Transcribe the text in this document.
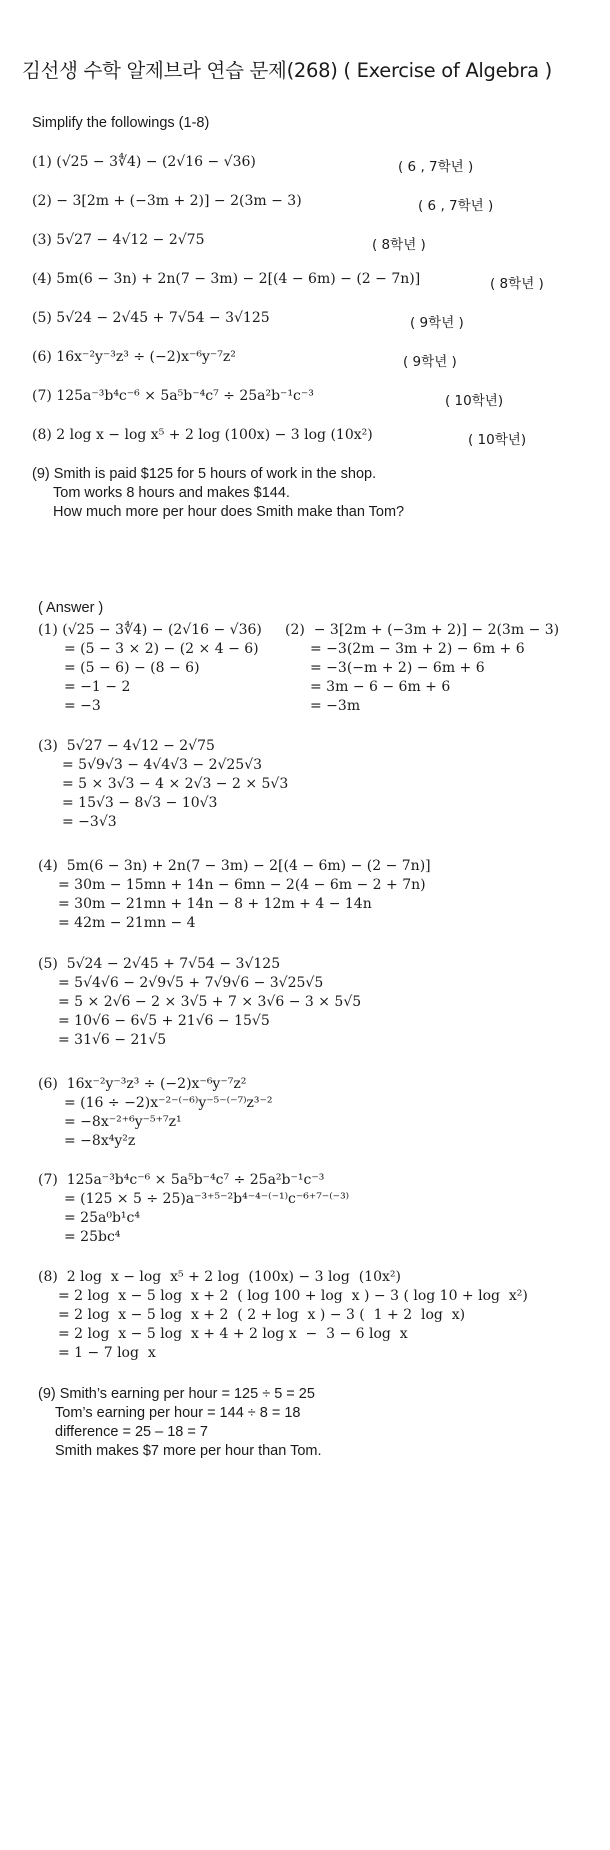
김선생 수학 알제브라 연습 문제(268) ( Exercise of Algebra )
Simplify the followings (1-8)
(1) (√25 − 3∜4) − (2√16 − √36)	( 6 , 7학년 )
(2) − 3[2m + (−3m + 2)] − 2(3m − 3)	( 6 , 7학년 )
(3) 5√27 − 4√12 − 2√75	( 8학년 )
(4) 5m(6 − 3n) + 2n(7 − 3m) − 2[(4 − 6m) − (2 − 7n)]	( 8학년 )
(5) 5√24 − 2√45 + 7√54 − 3√125	( 9학년 )
(6) 16x⁻²y⁻³z³ ÷ (−2)x⁻⁶y⁻⁷z²	( 9학년 )
(7) 125a⁻³b⁴c⁻⁶ × 5a⁵b⁻⁴c⁷ ÷ 25a²b⁻¹c⁻³	( 10학년)
(8) 2 log x − log x⁵ + 2 log (100x) − 3 log (10x²)	( 10학년)
(9) Smith is paid $125 for 5 hours of work in the shop.
Tom works 8 hours and makes $144.
How much more per hour does Smith make than Tom?
( Answer )
(1) (√25 − 3∜4) − (2√16 − √36)
= (5 − 3 × 2) − (2 × 4 − 6)
= (5 − 6) − (8 − 6)
= −1 − 2
= −3
(2)  − 3[2m + (−3m + 2)] − 2(3m − 3)
= −3(2m − 3m + 2) − 6m + 6
= −3(−m + 2) − 6m + 6
= 3m − 6 − 6m + 6
= −3m
(3)  5√27 − 4√12 − 2√75
= 5√9√3 − 4√4√3 − 2√25√3
= 5 × 3√3 − 4 × 2√3 − 2 × 5√3
= 15√3 − 8√3 − 10√3
= −3√3
(4)  5m(6 − 3n) + 2n(7 − 3m) − 2[(4 − 6m) − (2 − 7n)]
= 30m − 15mn + 14n − 6mn − 2(4 − 6m − 2 + 7n)
= 30m − 21mn + 14n − 8 + 12m + 4 − 14n
= 42m − 21mn − 4
(5)  5√24 − 2√45 + 7√54 − 3√125
= 5√4√6 − 2√9√5 + 7√9√6 − 3√25√5
= 5 × 2√6 − 2 × 3√5 + 7 × 3√6 − 3 × 5√5
= 10√6 − 6√5 + 21√6 − 15√5
= 31√6 − 21√5
(6)  16x⁻²y⁻³z³ ÷ (−2)x⁻⁶y⁻⁷z²
= (16 ÷ −2)x⁻²⁻⁽⁻⁶⁾y⁻⁵⁻⁽⁻⁷⁾z³⁻²
= −8x⁻²⁺⁶y⁻⁵⁺⁷z¹
= −8x⁴y²z
(7)  125a⁻³b⁴c⁻⁶ × 5a⁵b⁻⁴c⁷ ÷ 25a²b⁻¹c⁻³
= (125 × 5 ÷ 25)a⁻³⁺⁵⁻²b⁴⁻⁴⁻⁽⁻¹⁾c⁻⁶⁺⁷⁻⁽⁻³⁾
= 25a⁰b¹c⁴
= 25bc⁴
(8)  2 log  x − log  x⁵ + 2 log  (100x) − 3 log  (10x²)
= 2 log  x − 5 log  x + 2  ( log 100 + log  x ) − 3 ( log 10 + log  x²)
= 2 log  x − 5 log  x + 2  ( 2 + log  x ) − 3 (  1 + 2  log  x)
= 2 log  x − 5 log  x + 4 + 2 log x  −  3 − 6 log  x
= 1 − 7 log  x
(9) Smith’s earning per hour = 125 ÷ 5 = 25
Tom’s earning per hour = 144 ÷ 8 = 18
difference = 25 – 18 = 7
Smith makes $7 more per hour than Tom.
